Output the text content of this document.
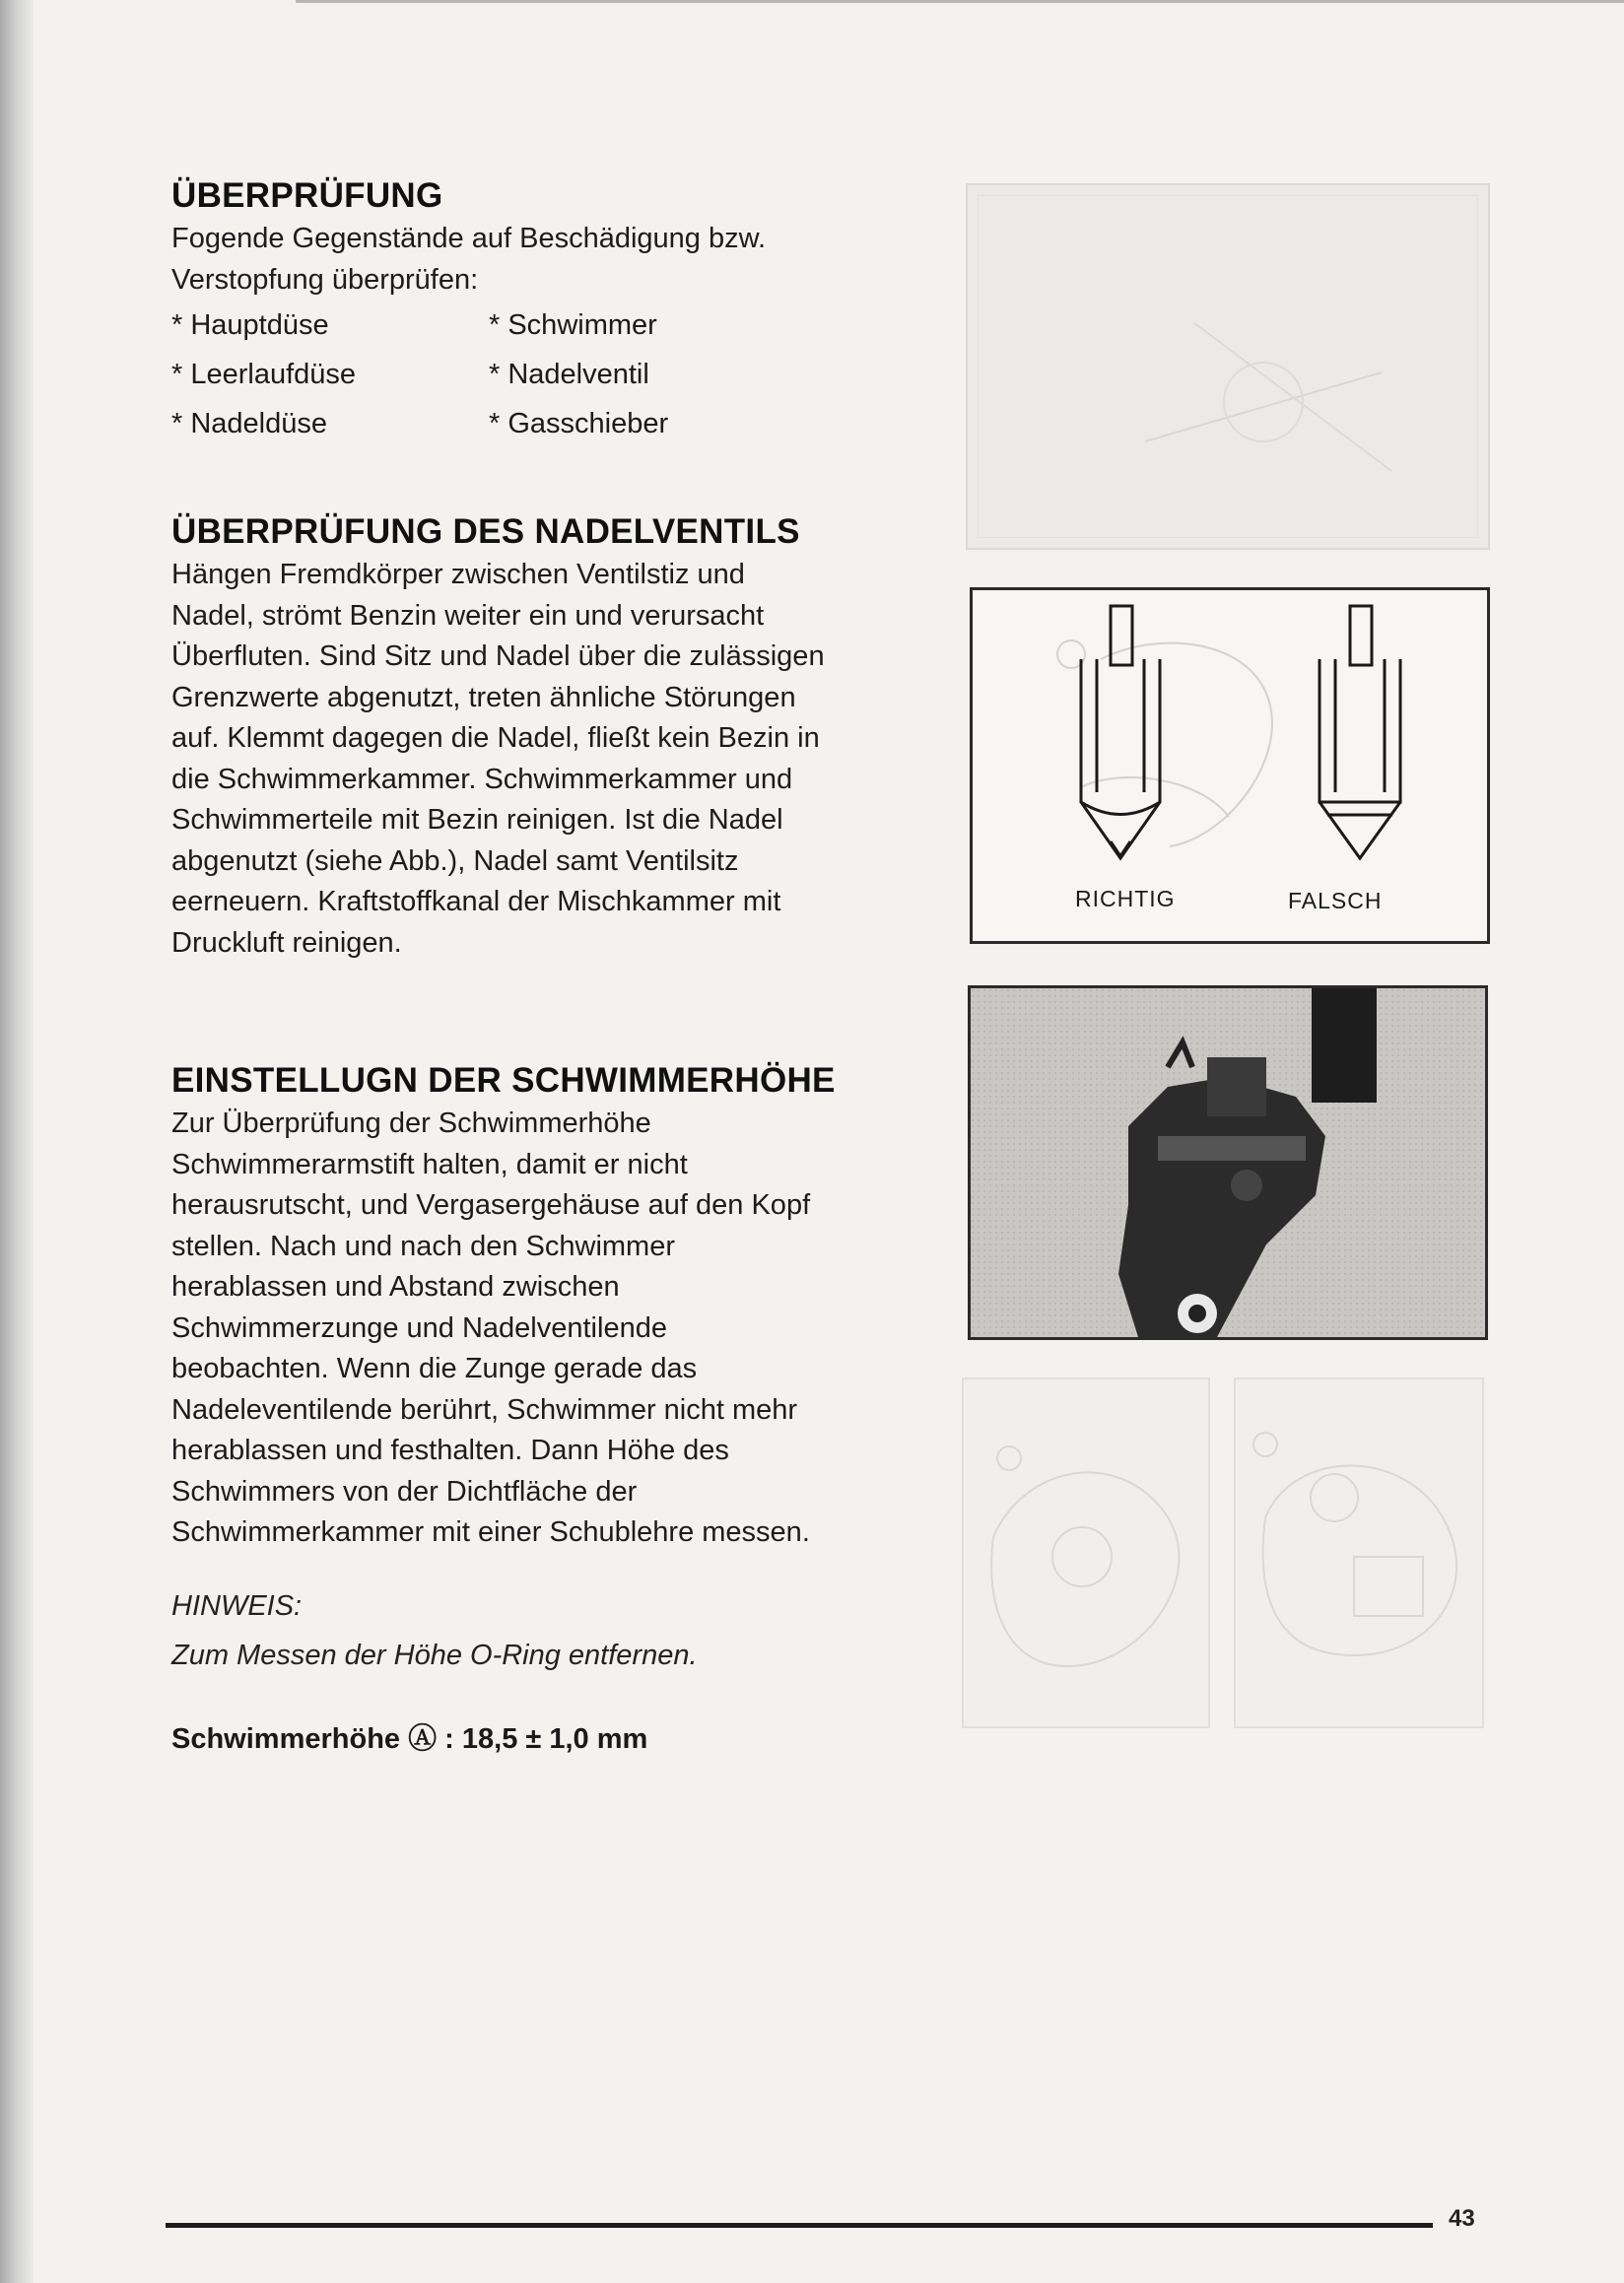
ÜBERPRÜFUNG

Fogende Gegenstände auf Beschädigung bzw.

Verstopfung überprüfen:

* Hauptdüse	* Schwimmer
* Leerlaufdüse	* Nadelventil
* Nadeldüse	* Gasschieber
ÜBERPRÜFUNG DES NADELVENTILS

Hängen Fremdkörper zwischen Ventilstiz und

Nadel, strömt Benzin weiter ein und verursacht

Überfluten. Sind Sitz und Nadel über die zulässigen

Grenzwerte abgenutzt, treten ähnliche Störungen

auf. Klemmt dagegen die Nadel, fließt kein Bezin in

die Schwimmerkammer. Schwimmerkammer und

Schwimmerteile mit Bezin reinigen. Ist die Nadel

abgenutzt (siehe Abb.), Nadel samt Ventilsitz

eerneuern. Kraftstoffkanal der Mischkammer mit

Druckluft reinigen.

EINSTELLUGN DER SCHWIMMERHÖHE

Zur Überprüfung der Schwimmerhöhe

Schwimmerarmstift halten, damit er nicht

herausrutscht, und Vergasergehäuse auf den Kopf

stellen. Nach und nach den Schwimmer

herablassen und Abstand zwischen

Schwimmerzunge und Nadelventilende

beobachten. Wenn die Zunge gerade das

Nadeleventilende berührt, Schwimmer nicht mehr

herablassen und festhalten. Dann Höhe des

Schwimmers von der Dichtfläche der

Schwimmerkammer mit einer Schublehre messen.

HINWEIS:
Zum Messen der Höhe O-Ring entfernen.
Schwimmerhöhe Ⓐ : 18,5 ± 1,0 mm
RICHTIG	FALSCH
43
